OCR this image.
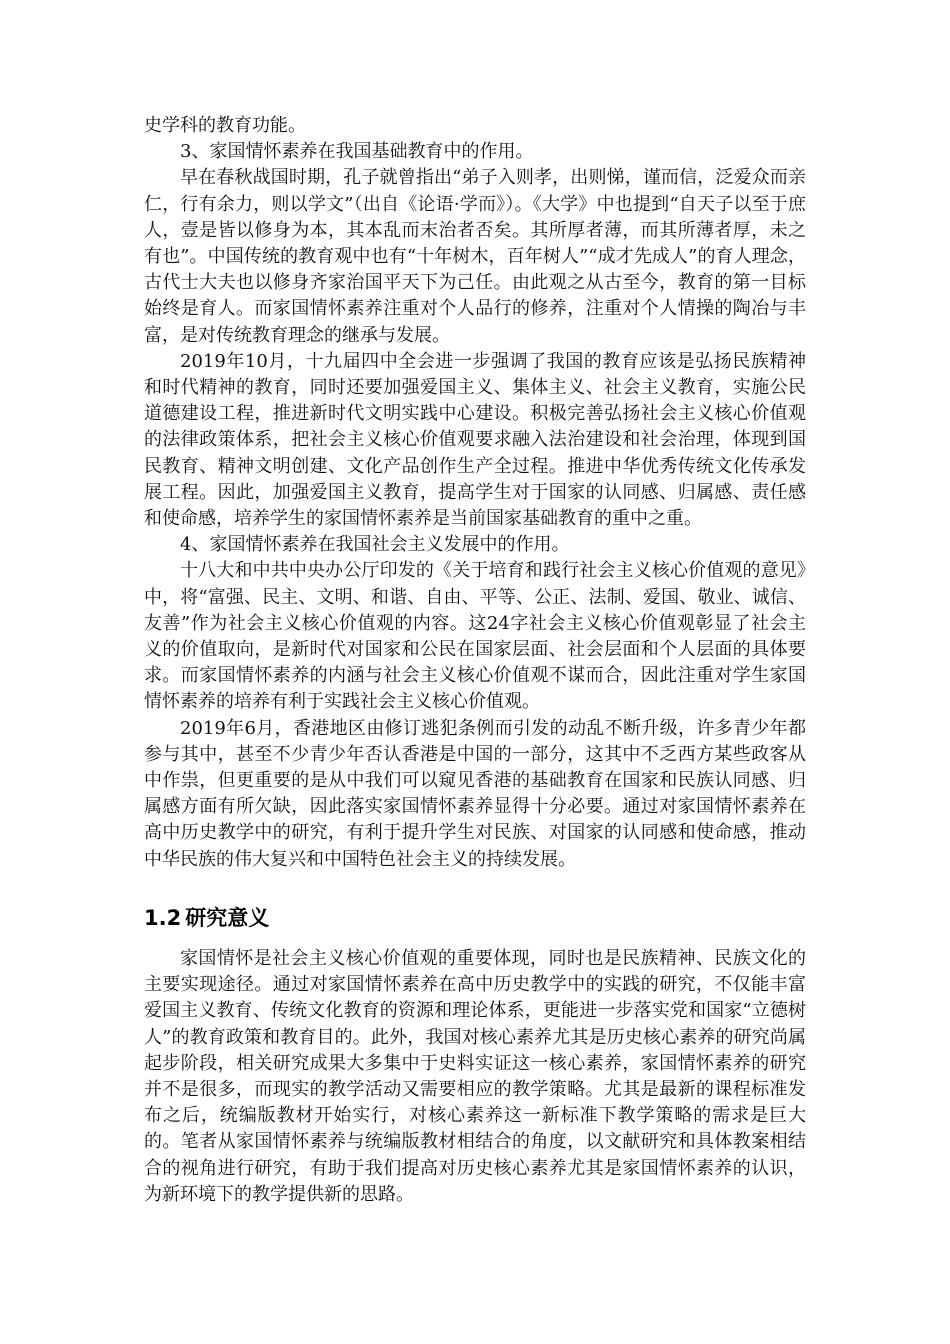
史学科的教育功能。

3、家国情怀素养在我国基础教育中的作用。

早在春秋战国时期，孔子就曾指出“弟子入则孝，出则悌，谨而信，泛爱众而亲仁，行有余力，则以学文”（出自《论语·学而》）。《大学》中也提到“自天子以至于庶人，壹是皆以修身为本，其本乱而末治者否矣。其所厚者薄，而其所薄者厚，未之有也”。中国传统的教育观中也有“十年树木，百年树人”“成才先成人”的育人理念，古代士大夫也以修身齐家治国平天下为己任。由此观之从古至今，教育的第一目标始终是育人。而家国情怀素养注重对个人品行的修养，注重对个人情操的陶冶与丰富，是对传统教育理念的继承与发展。

2019年10月，十九届四中全会进一步强调了我国的教育应该是弘扬民族精神和时代精神的教育，同时还要加强爱国主义、集体主义、社会主义教育，实施公民道德建设工程，推进新时代文明实践中心建设。积极完善弘扬社会主义核心价值观的法律政策体系，把社会主义核心价值观要求融入法治建设和社会治理，体现到国民教育、精神文明创建、文化产品创作生产全过程。推进中华优秀传统文化传承发展工程。因此，加强爱国主义教育，提高学生对于国家的认同感、归属感、责任感和使命感，培养学生的家国情怀素养是当前国家基础教育的重中之重。

4、家国情怀素养在我国社会主义发展中的作用。

十八大和中共中央办公厅印发的《关于培育和践行社会主义核心价值观的意见》中，将“富强、民主、文明、和谐、自由、平等、公正、法制、爱国、敬业、诚信、友善”作为社会主义核心价值观的内容。这24字社会主义核心价值观彰显了社会主义的价值取向，是新时代对国家和公民在国家层面、社会层面和个人层面的具体要求。而家国情怀素养的内涵与社会主义核心价值观不谋而合，因此注重对学生家国情怀素养的培养有利于实践社会主义核心价值观。

2019年6月，香港地区由修订逃犯条例而引发的动乱不断升级，许多青少年都参与其中，甚至不少青少年否认香港是中国的一部分，这其中不乏西方某些政客从中作祟，但更重要的是从中我们可以窥见香港的基础教育在国家和民族认同感、归属感方面有所欠缺，因此落实家国情怀素养显得十分必要。通过对家国情怀素养在高中历史教学中的研究，有利于提升学生对民族、对国家的认同感和使命感，推动中华民族的伟大复兴和中国特色社会主义的持续发展。

1.2 研究意义

家国情怀是社会主义核心价值观的重要体现，同时也是民族精神、民族文化的主要实现途径。通过对家国情怀素养在高中历史教学中的实践的研究，不仅能丰富爱国主义教育、传统文化教育的资源和理论体系，更能进一步落实党和国家“立德树人”的教育政策和教育目的。此外，我国对核心素养尤其是历史核心素养的研究尚属起步阶段，相关研究成果大多集中于史料实证这一核心素养，家国情怀素养的研究并不是很多，而现实的教学活动又需要相应的教学策略。尤其是最新的课程标准发布之后，统编版教材开始实行，对核心素养这一新标准下教学策略的需求是巨大的。笔者从家国情怀素养与统编版教材相结合的角度，以文献研究和具体教案相结合的视角进行研究，有助于我们提高对历史核心素养尤其是家国情怀素养的认识，为新环境下的教学提供新的思路。
